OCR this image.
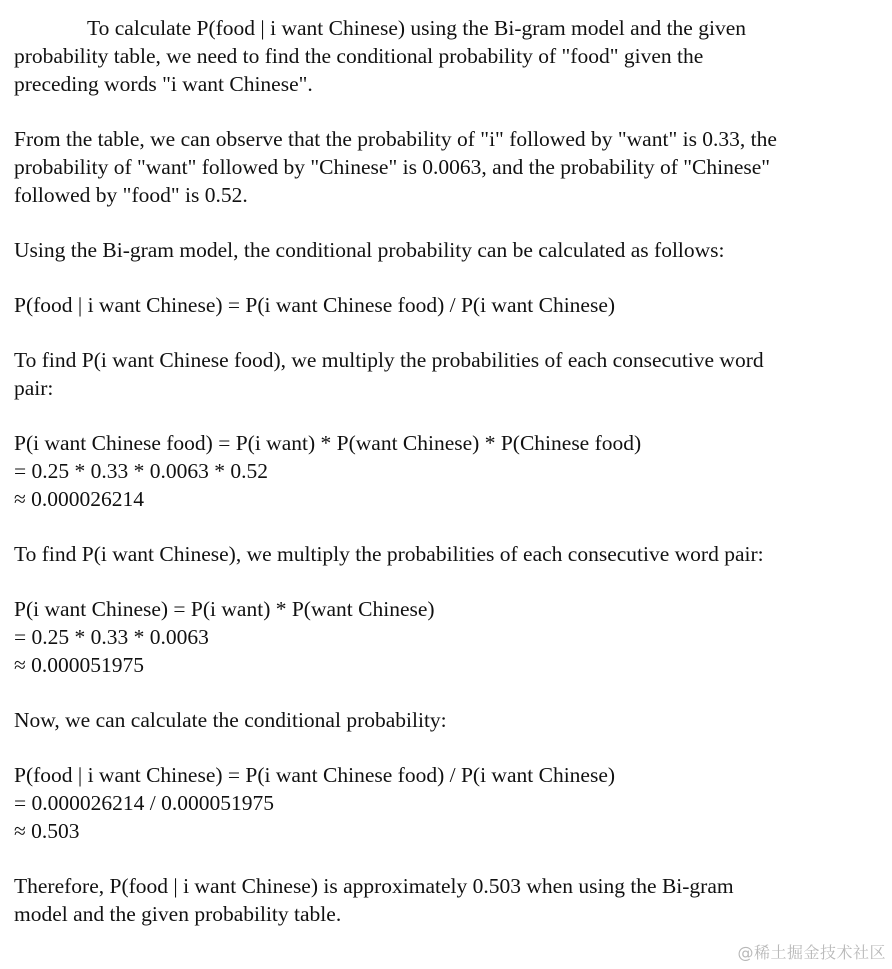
To calculate P(food | i want Chinese) using the Bi-gram model and the given
probability table, we need to find the conditional probability of "food" given the
preceding words "i want Chinese".
From the table, we can observe that the probability of "i" followed by "want" is 0.33, the
probability of "want" followed by "Chinese" is 0.0063, and the probability of "Chinese"
followed by "food" is 0.52.
Using the Bi-gram model, the conditional probability can be calculated as follows:
P(food | i want Chinese) = P(i want Chinese food) / P(i want Chinese)
To find P(i want Chinese food), we multiply the probabilities of each consecutive word
pair:
P(i want Chinese food) = P(i want) * P(want Chinese) * P(Chinese food)
= 0.25 * 0.33 * 0.0063 * 0.52
≈ 0.000026214
To find P(i want Chinese), we multiply the probabilities of each consecutive word pair:
P(i want Chinese) = P(i want) * P(want Chinese)
= 0.25 * 0.33 * 0.0063
≈ 0.000051975
Now, we can calculate the conditional probability:
P(food | i want Chinese) = P(i want Chinese food) / P(i want Chinese)
= 0.000026214 / 0.000051975
≈ 0.503
Therefore, P(food | i want Chinese) is approximately 0.503 when using the Bi-gram
model and the given probability table.
@稀土掘金技术社区
